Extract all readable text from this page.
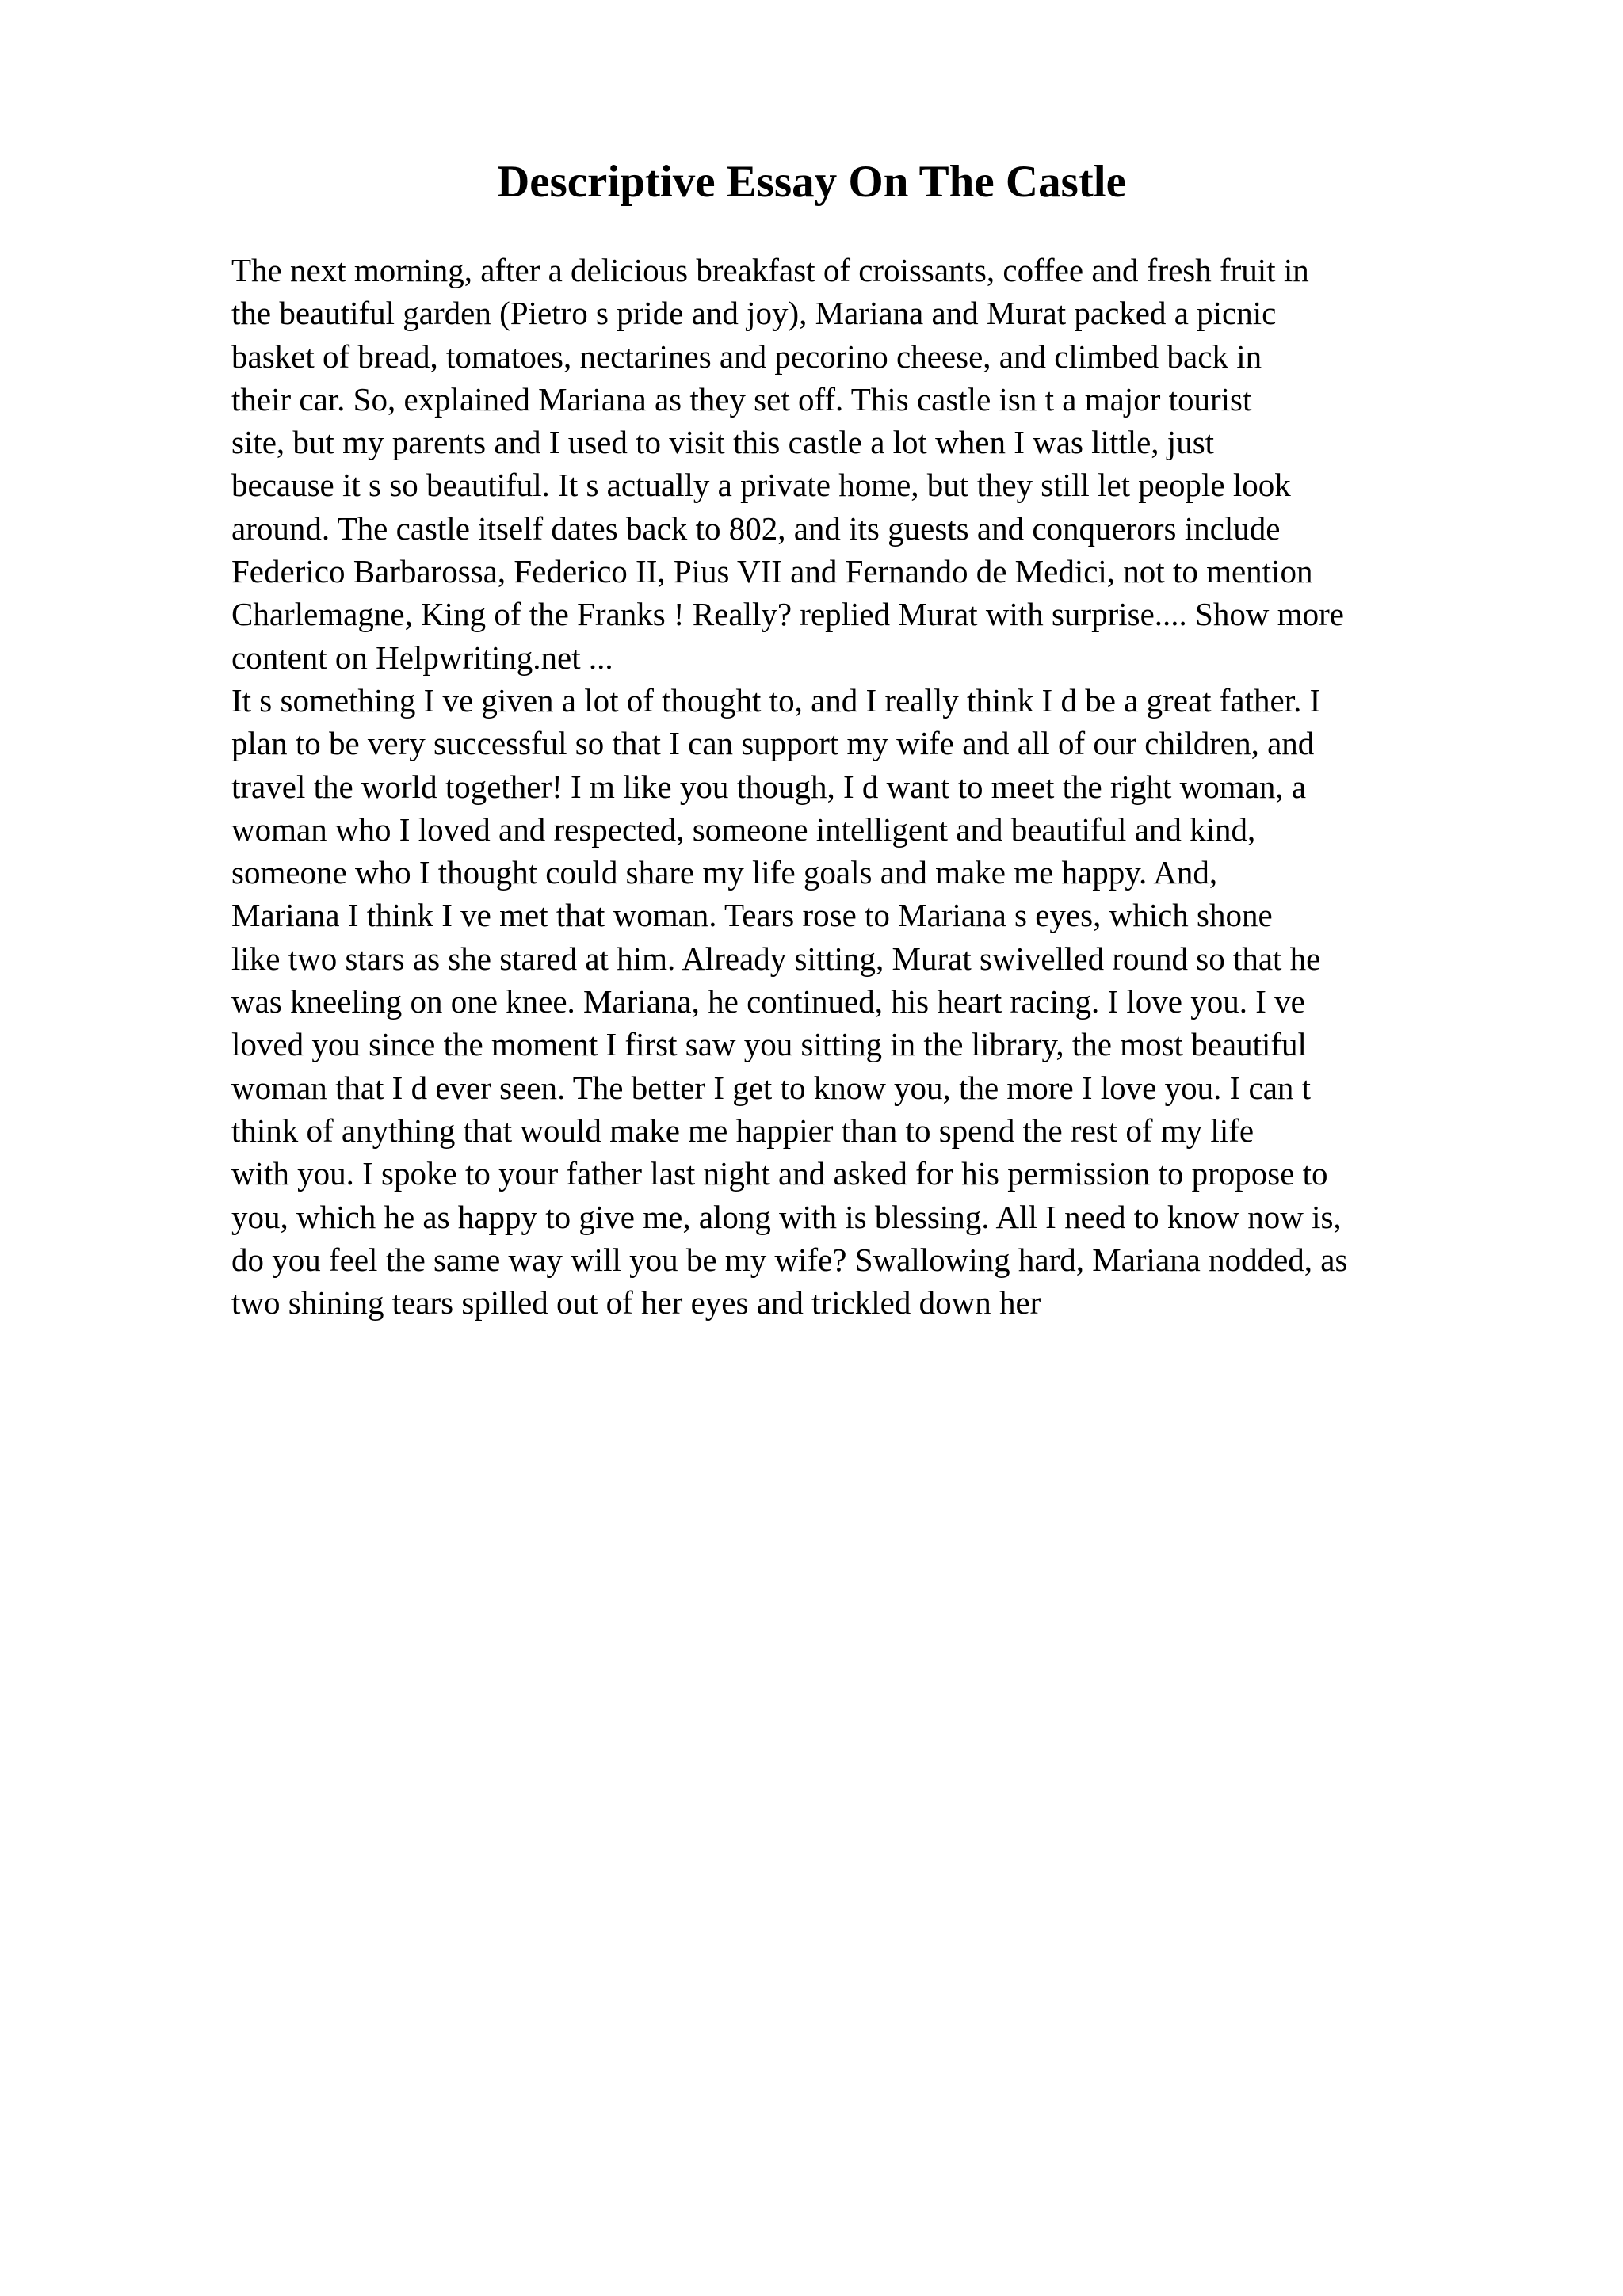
Descriptive Essay On The Castle
The next morning, after a delicious breakfast of croissants, coffee and fresh fruit in
the beautiful garden (Pietro s pride and joy), Mariana and Murat packed a picnic
basket of bread, tomatoes, nectarines and pecorino cheese, and climbed back in
their car. So, explained Mariana as they set off. This castle isn t a major tourist
site, but my parents and I used to visit this castle a lot when I was little, just
because it s so beautiful. It s actually a private home, but they still let people look
around. The castle itself dates back to 802, and its guests and conquerors include
Federico Barbarossa, Federico II, Pius VII and Fernando de Medici, not to mention
Charlemagne, King of the Franks ! Really? replied Murat with surprise.... Show more
content on Helpwriting.net ...
It s something I ve given a lot of thought to, and I really think I d be a great father. I
plan to be very successful so that I can support my wife and all of our children, and
travel the world together! I m like you though, I d want to meet the right woman, a
woman who I loved and respected, someone intelligent and beautiful and kind,
someone who I thought could share my life goals and make me happy. And,
Mariana I think I ve met that woman. Tears rose to Mariana s eyes, which shone
like two stars as she stared at him. Already sitting, Murat swivelled round so that he
was kneeling on one knee. Mariana, he continued, his heart racing. I love you. I ve
loved you since the moment I first saw you sitting in the library, the most beautiful
woman that I d ever seen. The better I get to know you, the more I love you. I can t
think of anything that would make me happier than to spend the rest of my life
with you. I spoke to your father last night and asked for his permission to propose to
you, which he as happy to give me, along with is blessing. All I need to know now is,
do you feel the same way will you be my wife? Swallowing hard, Mariana nodded, as
two shining tears spilled out of her eyes and trickled down her
